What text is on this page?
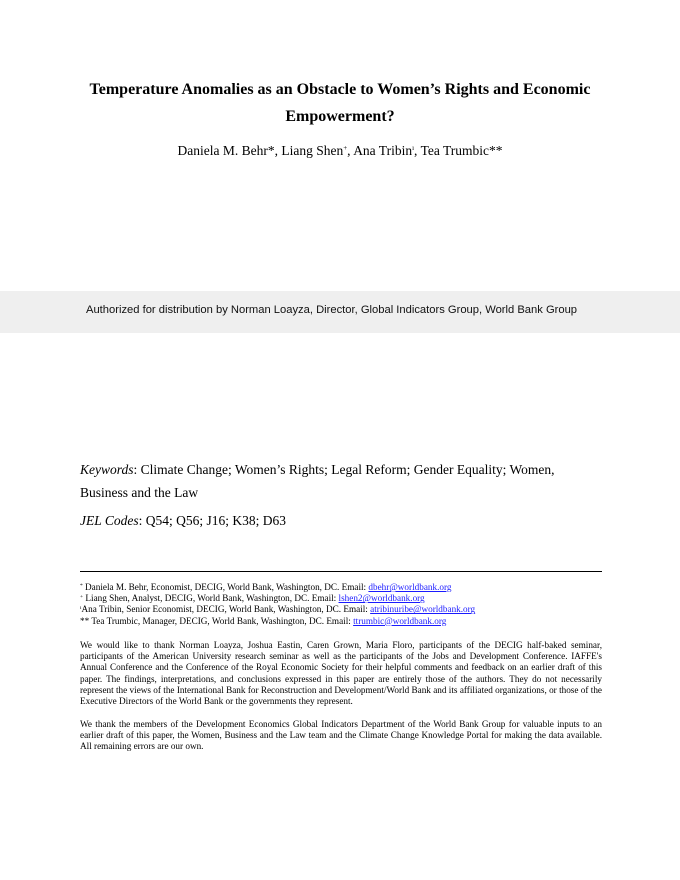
Temperature Anomalies as an Obstacle to Women’s Rights and Economic Empowerment?
Daniela M. Behr*, Liang Shen+, Ana Tribin$^ı$, Tea Trumbic**
Authorized for distribution by Norman Loayza, Director, Global Indicators Group, World Bank Group
Keywords: Climate Change; Women’s Rights; Legal Reform; Gender Equality; Women, Business and the Law
JEL Codes: Q54; Q56; J16; K38; D63
* Daniela M. Behr, Economist, DECIG, World Bank, Washington, DC. Email: dbehr@worldbank.org
+ Liang Shen, Analyst, DECIG, World Bank, Washington, DC. Email: lshen2@worldbank.org
$^ı$Ana Tribin, Senior Economist, DECIG, World Bank, Washington, DC. Email: atribinuribe@worldbank.org
** Tea Trumbic, Manager, DECIG, World Bank, Washington, DC. Email: ttrumbic@worldbank.org
We would like to thank Norman Loayza, Joshua Eastin, Caren Grown, Maria Floro, participants of the DECIG half-baked seminar, participants of the American University research seminar as well as the participants of the Jobs and Development Conference. IAFFE's Annual Conference and the Conference of the Royal Economic Society for their helpful comments and feedback on an earlier draft of this paper. The findings, interpretations, and conclusions expressed in this paper are entirely those of the authors. They do not necessarily represent the views of the International Bank for Reconstruction and Development/World Bank and its affiliated organizations, or those of the Executive Directors of the World Bank or the governments they represent.
We thank the members of the Development Economics Global Indicators Department of the World Bank Group for valuable inputs to an earlier draft of this paper, the Women, Business and the Law team and the Climate Change Knowledge Portal for making the data available. All remaining errors are our own.
